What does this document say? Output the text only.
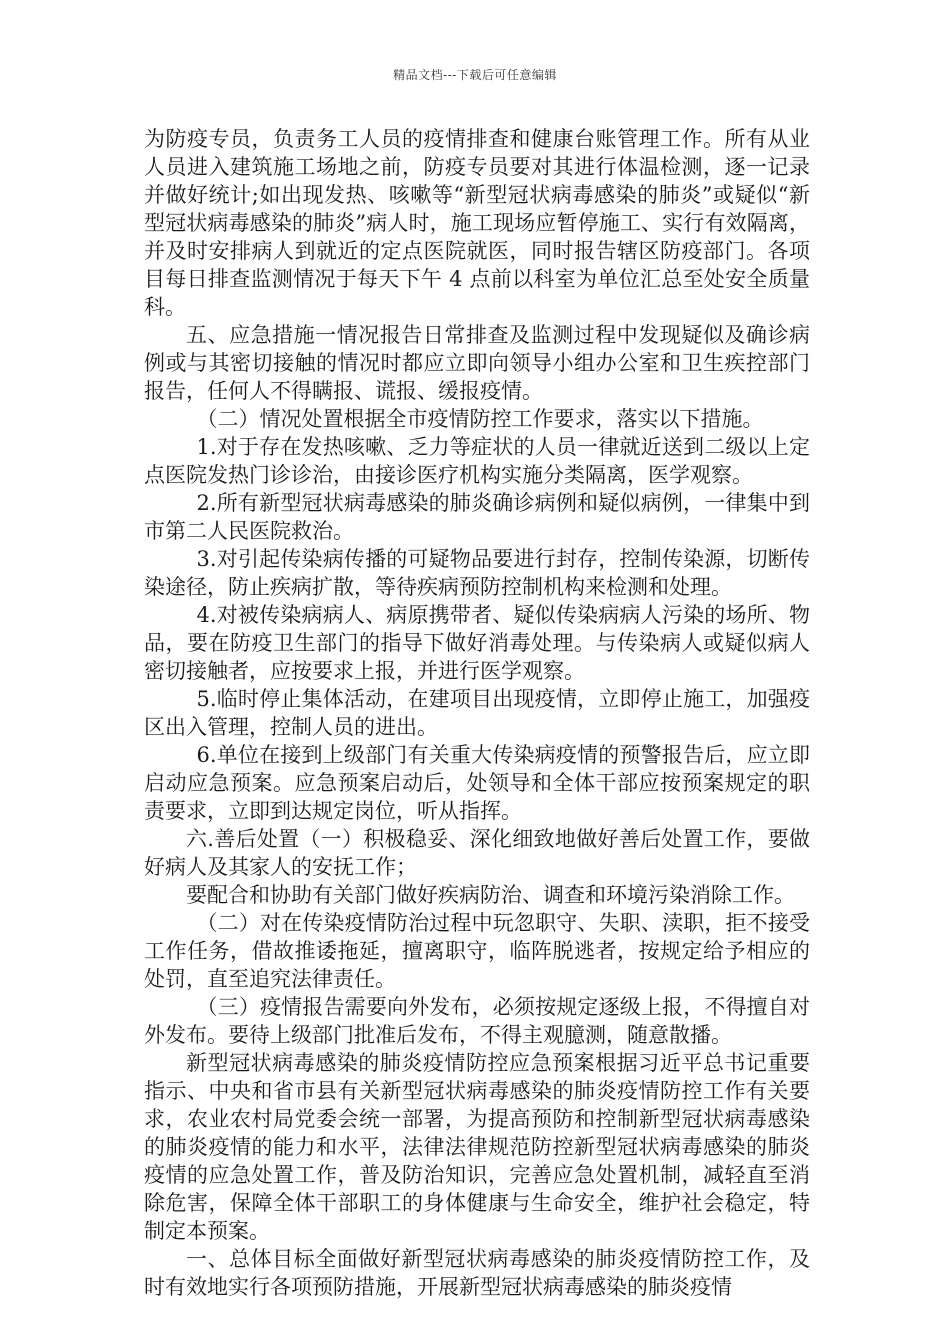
精品文档---下载后可任意编辑

为防疫专员，负责务工人员的疫情排查和健康台账管理工作。所有从业人员进入建筑施工场地之前，防疫专员要对其进行体温检测，逐一记录并做好统计;如出现发热、咳嗽等“新型冠状病毒感染的肺炎”或疑似“新型冠状病毒感染的肺炎”病人时，施工现场应暂停施工、实行有效隔离，并及时安排病人到就近的定点医院就医，同时报告辖区防疫部门。各项目每日排查监测情况于每天下午 4 点前以科室为单位汇总至处安全质量科。

五、应急措施一情况报告日常排查及监测过程中发现疑似及确诊病例或与其密切接触的情况时都应立即向领导小组办公室和卫生疾控部门报告，任何人不得瞒报、谎报、缓报疫情。

（二）情况处置根据全市疫情防控工作要求，落实以下措施。

1.对于存在发热咳嗽、乏力等症状的人员一律就近送到二级以上定点医院发热门诊诊治，由接诊医疗机构实施分类隔离，医学观察。

2.所有新型冠状病毒感染的肺炎确诊病例和疑似病例，一律集中到市第二人民医院救治。

3.对引起传染病传播的可疑物品要进行封存，控制传染源，切断传染途径，防止疾病扩散，等待疾病预防控制机构来检测和处理。

4.对被传染病病人、病原携带者、疑似传染病病人污染的场所、物品，要在防疫卫生部门的指导下做好消毒处理。与传染病人或疑似病人密切接触者，应按要求上报，并进行医学观察。

5.临时停止集体活动，在建项目出现疫情，立即停止施工，加强疫区出入管理，控制人员的进出。

6.单位在接到上级部门有关重大传染病疫情的预警报告后，应立即启动应急预案。应急预案启动后，处领导和全体干部应按预案规定的职责要求，立即到达规定岗位，听从指挥。

六.善后处置（一）积极稳妥、深化细致地做好善后处置工作，要做好病人及其家人的安抚工作；

要配合和协助有关部门做好疾病防治、调查和环境污染消除工作。

（二）对在传染疫情防治过程中玩忽职守、失职、渎职，拒不接受工作任务，借故推诿拖延，擅离职守，临阵脱逃者，按规定给予相应的处罚，直至追究法律责任。

（三）疫情报告需要向外发布，必须按规定逐级上报，不得擅自对外发布。要待上级部门批准后发布，不得主观臆测，随意散播。

新型冠状病毒感染的肺炎疫情防控应急预案根据习近平总书记重要指示、中央和省市县有关新型冠状病毒感染的肺炎疫情防控工作有关要求，农业农村局党委会统一部署，为提高预防和控制新型冠状病毒感染的肺炎疫情的能力和水平，法律法律规范防控新型冠状病毒感染的肺炎疫情的应急处置工作，普及防治知识，完善应急处置机制，减轻直至消除危害，保障全体干部职工的身体健康与生命安全，维护社会稳定，特制定本预案。

一、总体目标全面做好新型冠状病毒感染的肺炎疫情防控工作，及时有效地实行各项预防措施，开展新型冠状病毒感染的肺炎疫情
